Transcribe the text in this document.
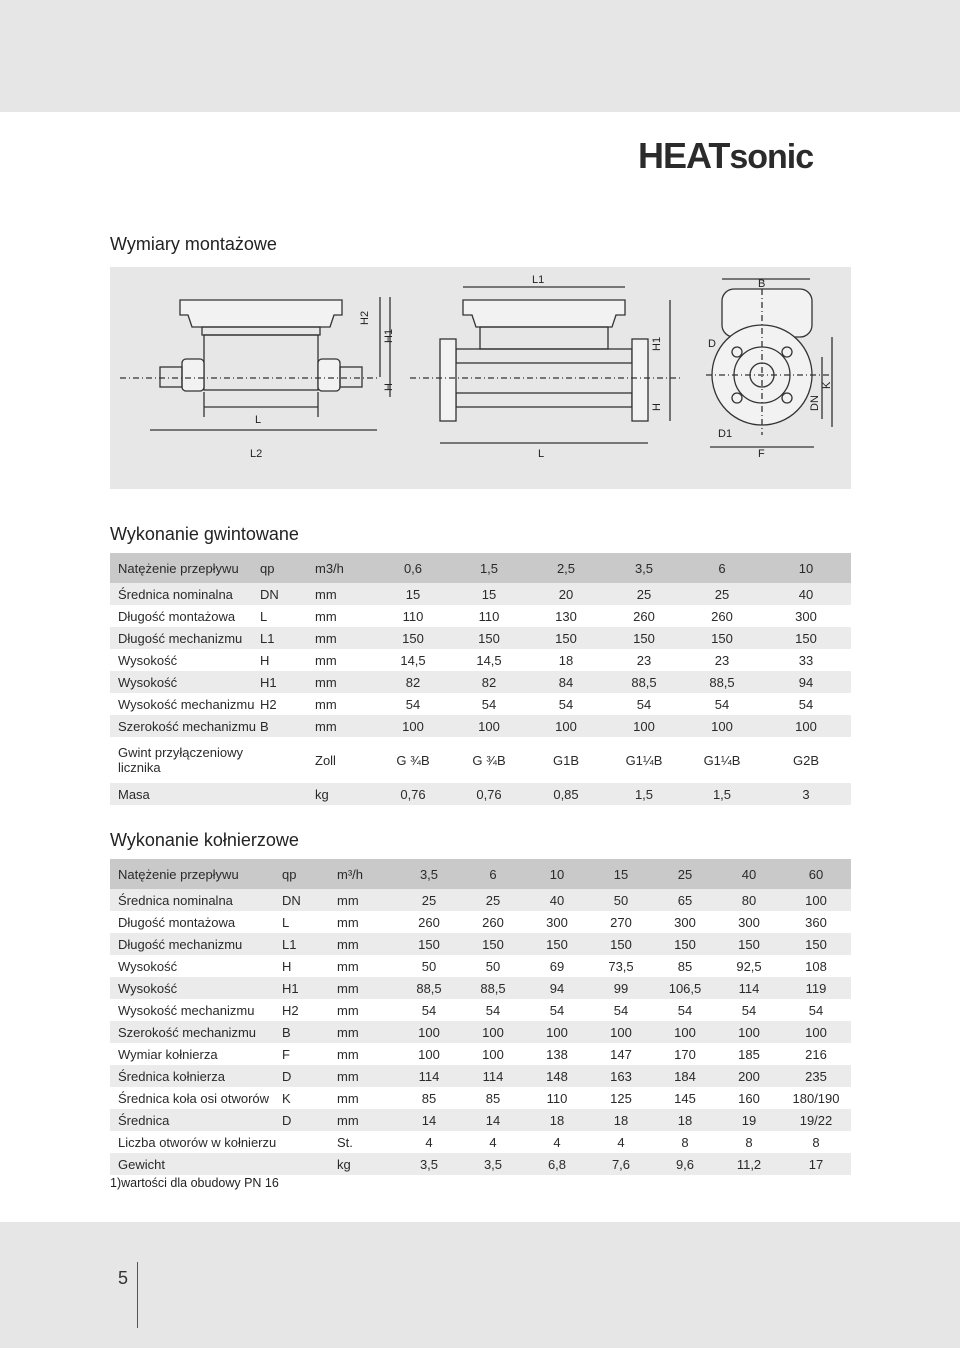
HEATsonic
Wymiary montażowe
H2
H1
H
L
L2
L1
H1
H
L
B
D
D1
DN
K
F
Wykonanie gwintowane
Natężenie przepływu	qp	m3/h	0,6	1,5	2,5	3,5	6	10
Średnica nominalna	DN	mm	15	15	20	25	25	40
Długość montażowa	L	mm	110	110	130	260	260	300
Długość mechanizmu	L1	mm	150	150	150	150	150	150
Wysokość	H	mm	14,5	14,5	18	23	23	33
Wysokość	H1	mm	82	82	84	88,5	88,5	94
Wysokość mechanizmu	H2	mm	54	54	54	54	54	54
Szerokość mechanizmu	B	mm	100	100	100	100	100	100
Gwint przyłączeniowy licznika		Zoll	G ¾B	G ¾B	G1B	G1¼B	G1¼B	G2B
Masa		kg	0,76	0,76	0,85	1,5	1,5	3
Wykonanie kołnierzowe
Natężenie przepływu	qp	m³/h	3,5	6	10	15	25	40	60
Średnica nominalna	DN	mm	25	25	40	50	65	80	100
Długość montażowa	L	mm	260	260	300	270	300	300	360
Długość mechanizmu	L1	mm	150	150	150	150	150	150	150
Wysokość	H	mm	50	50	69	73,5	85	92,5	108
Wysokość	H1	mm	88,5	88,5	94	99	106,5	114	119
Wysokość mechanizmu	H2	mm	54	54	54	54	54	54	54
Szerokość mechanizmu	B	mm	100	100	100	100	100	100	100
Wymiar kołnierza	F	mm	100	100	138	147	170	185	216
Średnica kołnierza	D	mm	114	114	148	163	184	200	235
Średnica koła osi otworów	K	mm	85	85	110	125	145	160	180/190
Średnica	D	mm	14	14	18	18	18	19	19/22
Liczba otworów w kołnierzu		St.	4	4	4	4	8	8	8
Gewicht		kg	3,5	3,5	6,8	7,6	9,6	11,2	17
1)wartości dla obudowy PN 16
5
